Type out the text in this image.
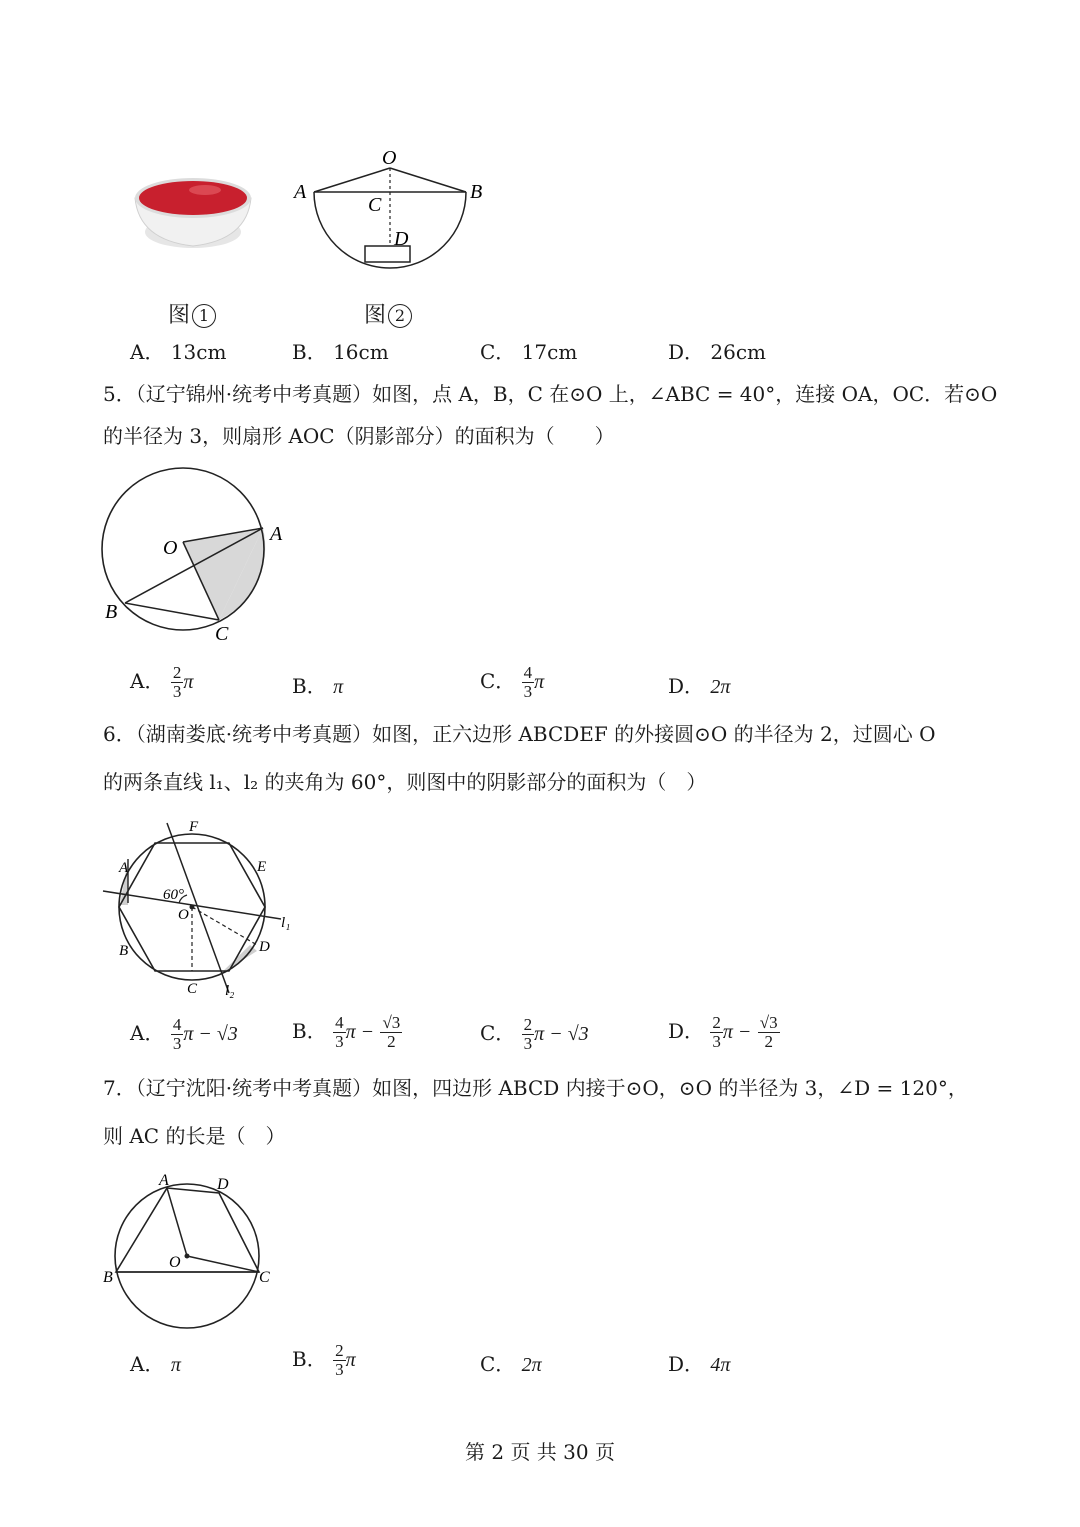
O
A	B
C
D
图 1	图 2
A． 13cm	B． 16cm	C． 17cm	D． 26cm
5．（辽宁锦州·统考中考真题）如图，点 A，B，C 在⊙O 上，∠ABC = 40°，连接 OA，OC．若⊙O
的半径为 3，则扇形 AOC（阴影部分）的面积为（　　）
O
A
B
C
A． $\frac{2}{3}$ π	B． π	C． $\frac{4}{3}$ π	D． 2π
6．（湖南娄底·统考中考真题）如图，正六边形 ABCDEF 的外接圆⊙O 的半径为 2，过圆心 O
的两条直线 l₁、l₂ 的夹角为 60°，则图中的阴影部分的面积为（　）
F
E
A
60°
O	l₁
B	D
C l₂
A． $\frac{4}{3}$ π − √3	B． $\frac{4}{3}$ $\pi - \frac{√3}{2}$	C． $\frac{2}{3}$ π − √3	D． $\frac{2}{3}$ $\pi - \frac{√3}{2}$
7．（辽宁沈阳·统考中考真题）如图，四边形 ABCD 内接于⊙O，⊙O 的半径为 3，∠D = 120°，
则 AC 的长是（　）
A	D
O
B	C
A． π	B． $\frac{2}{3}$ π	C． 2π	D． 4π
第 2 页 共 30 页
